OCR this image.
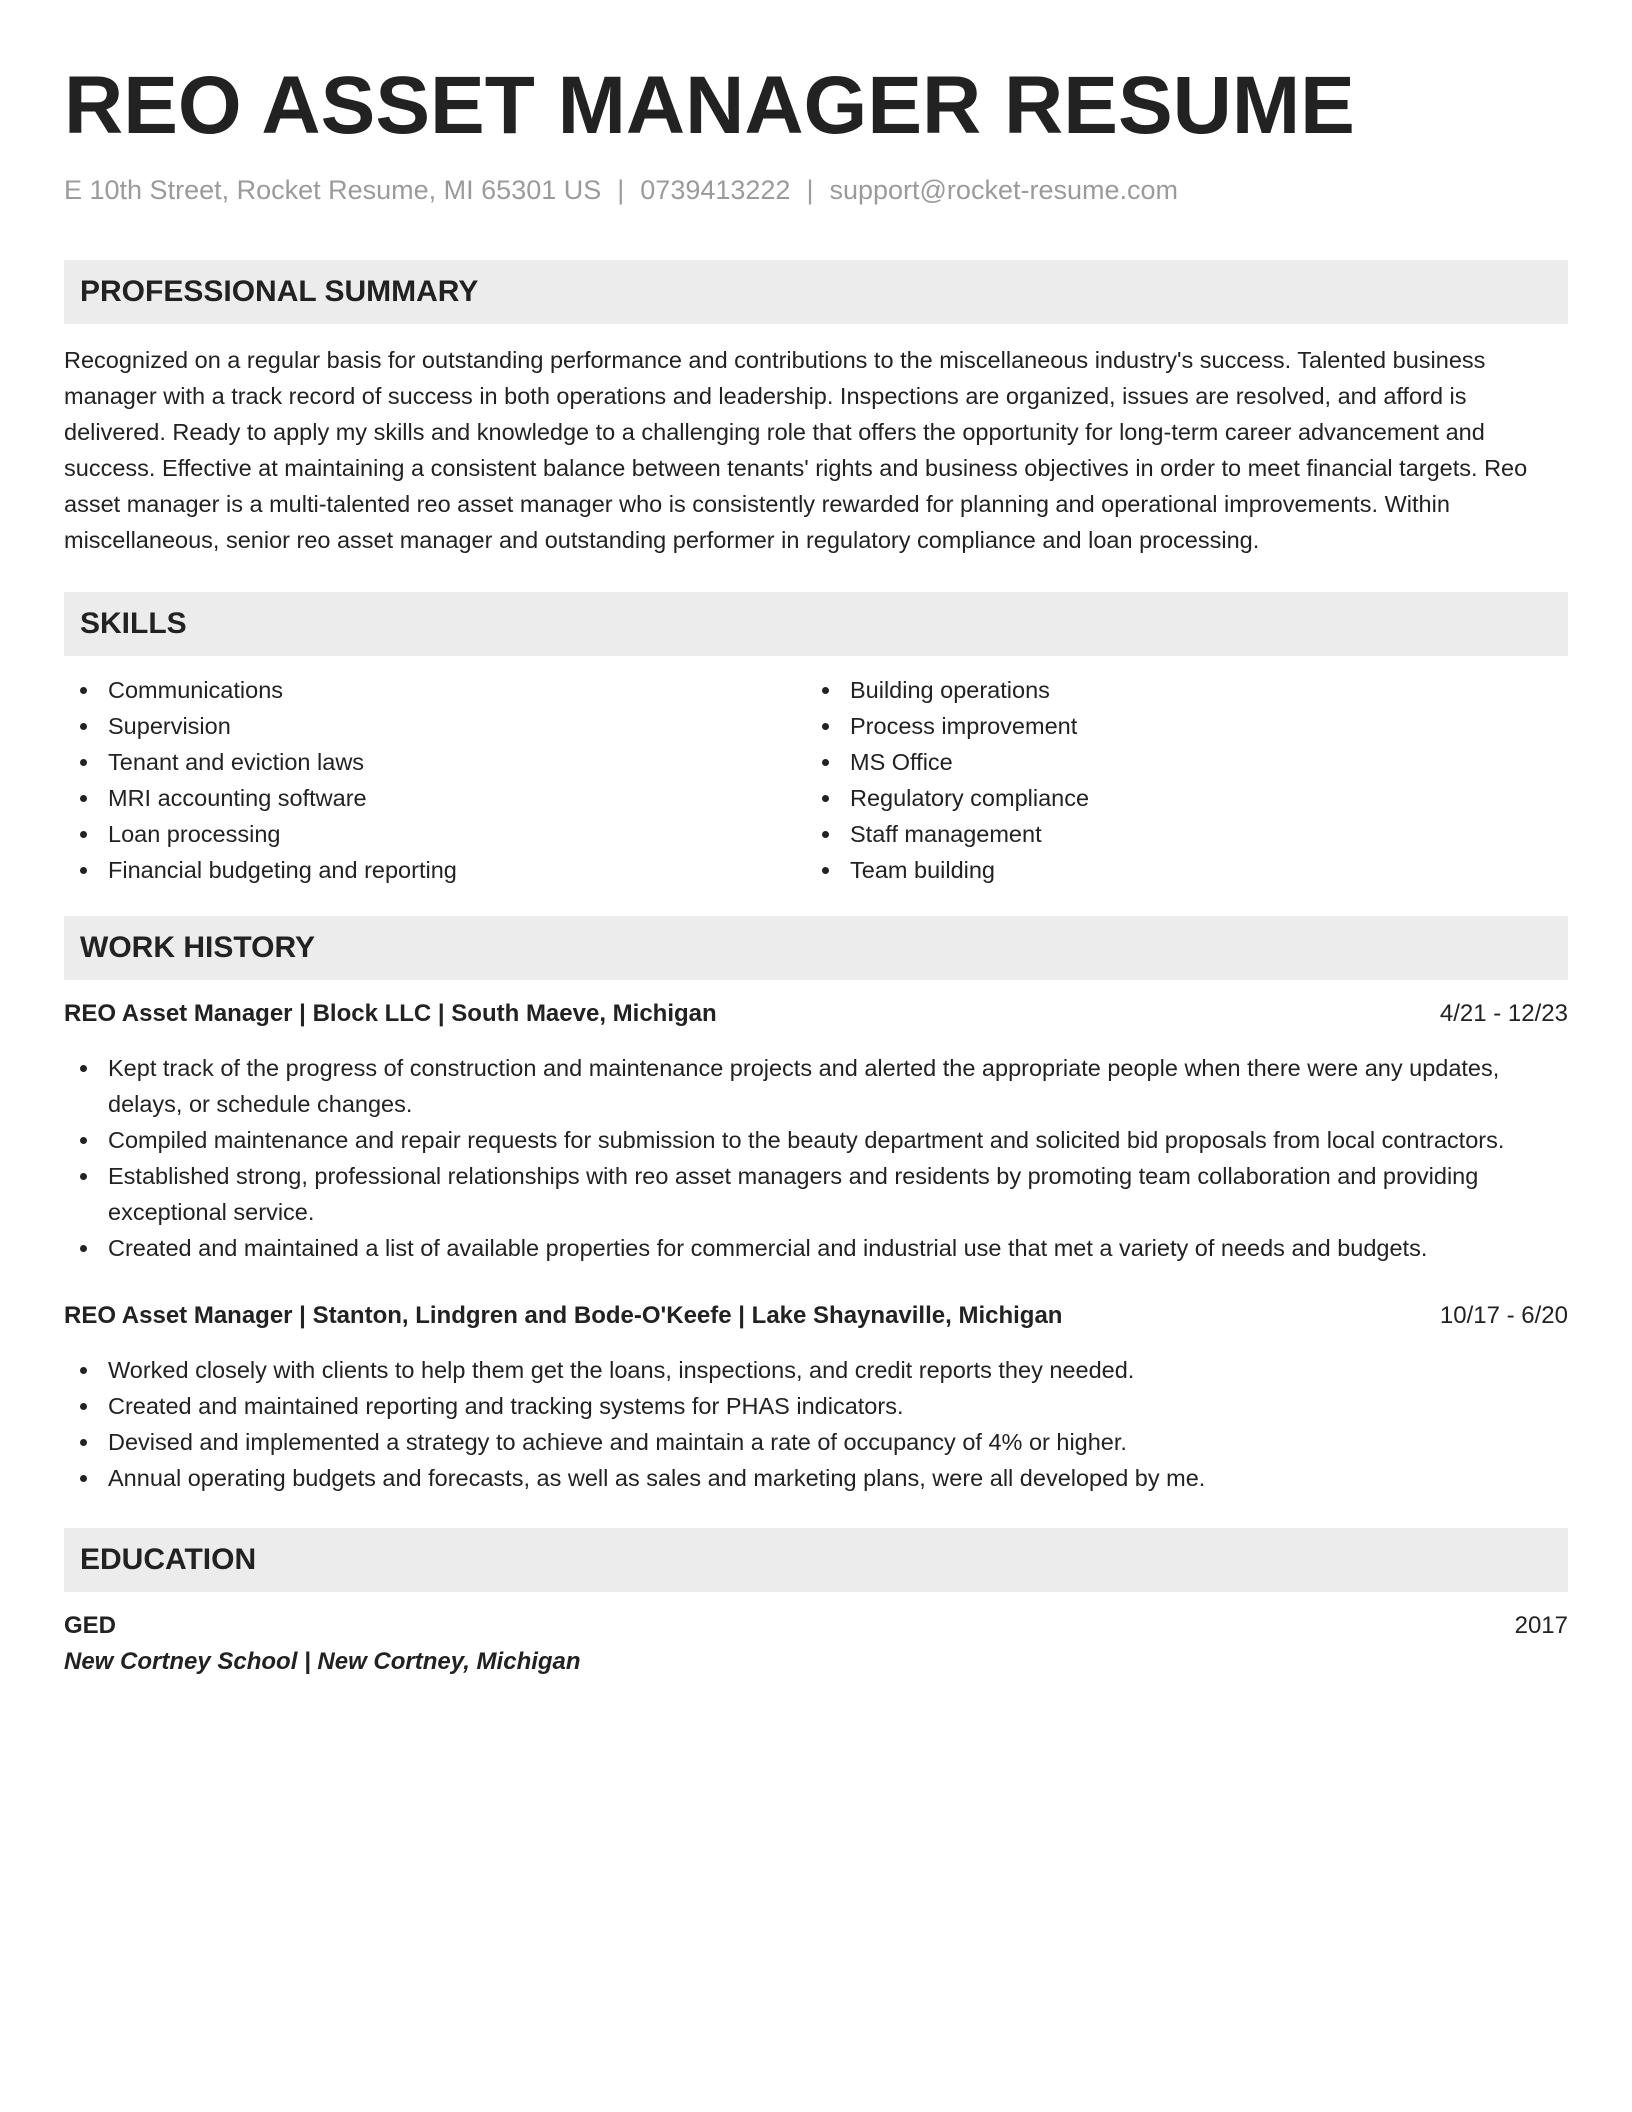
REO ASSET MANAGER RESUME
E 10th Street, Rocket Resume, MI 65301 US | 0739413222 | support@rocket-resume.com
PROFESSIONAL SUMMARY

Recognized on a regular basis for outstanding performance and contributions to the miscellaneous industry's success. Talented business manager with a track record of success in both operations and leadership. Inspections are organized, issues are resolved, and afford is delivered. Ready to apply my skills and knowledge to a challenging role that offers the opportunity for long-term career advancement and success. Effective at maintaining a consistent balance between tenants' rights and business objectives in order to meet financial targets. Reo asset manager is a multi-talented reo asset manager who is consistently rewarded for planning and operational improvements. Within miscellaneous, senior reo asset manager and outstanding performer in regulatory compliance and loan processing.

SKILLS
Communications
Supervision
Tenant and eviction laws
MRI accounting software
Loan processing
Financial budgeting and reporting
Building operations
Process improvement
MS Office
Regulatory compliance
Staff management
Team building
WORK HISTORY
REO Asset Manager | Block LLC | South Maeve, Michigan	4/21 - 12/23
Kept track of the progress of construction and maintenance projects and alerted the appropriate people when there were any updates, delays, or schedule changes.
Compiled maintenance and repair requests for submission to the beauty department and solicited bid proposals from local contractors.
Established strong, professional relationships with reo asset managers and residents by promoting team collaboration and providing exceptional service.
Created and maintained a list of available properties for commercial and industrial use that met a variety of needs and budgets.
REO Asset Manager | Stanton, Lindgren and Bode-O'Keefe | Lake Shaynaville, Michigan	10/17 - 6/20
Worked closely with clients to help them get the loans, inspections, and credit reports they needed.
Created and maintained reporting and tracking systems for PHAS indicators.
Devised and implemented a strategy to achieve and maintain a rate of occupancy of 4% or higher.
Annual operating budgets and forecasts, as well as sales and marketing plans, were all developed by me.
EDUCATION
GED	2017
New Cortney School | New Cortney, Michigan
